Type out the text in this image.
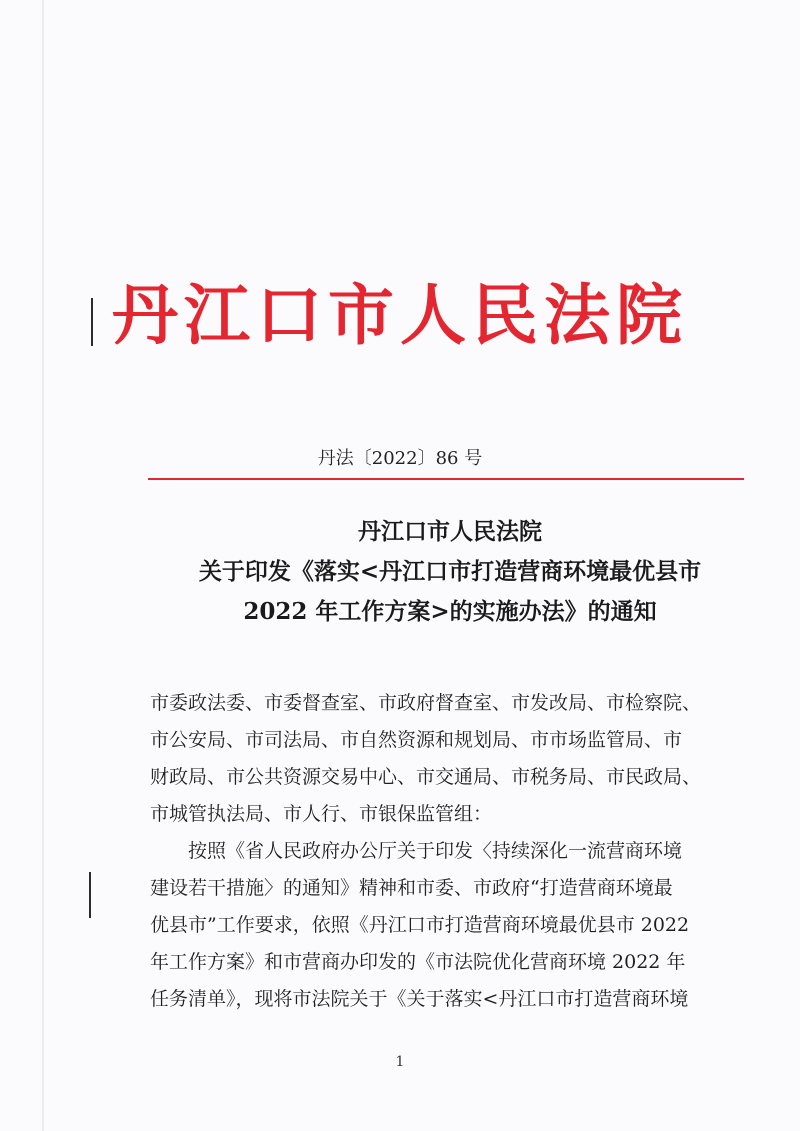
丹江口市人民法院
丹法〔2022〕86 号
丹江口市人民法院
关于印发《落实<丹江口市打造营商环境最优县市
2022 年工作方案>的实施办法》的通知
市委政法委、市委督查室、市政府督查室、市发改局、市检察院、
市公安局、市司法局、市自然资源和规划局、市市场监管局、市
财政局、市公共资源交易中心、市交通局、市税务局、市民政局、
市城管执法局、市人行、市银保监管组：
按照《省人民政府办公厅关于印发〈持续深化一流营商环境
建设若干措施〉的通知》精神和市委、市政府“打造营商环境最
优县市”工作要求，依照《丹江口市打造营商环境最优县市 2022
年工作方案》和市营商办印发的《市法院优化营商环境 2022 年
任务清单》，现将市法院关于《关于落实<丹江口市打造营商环境
1
